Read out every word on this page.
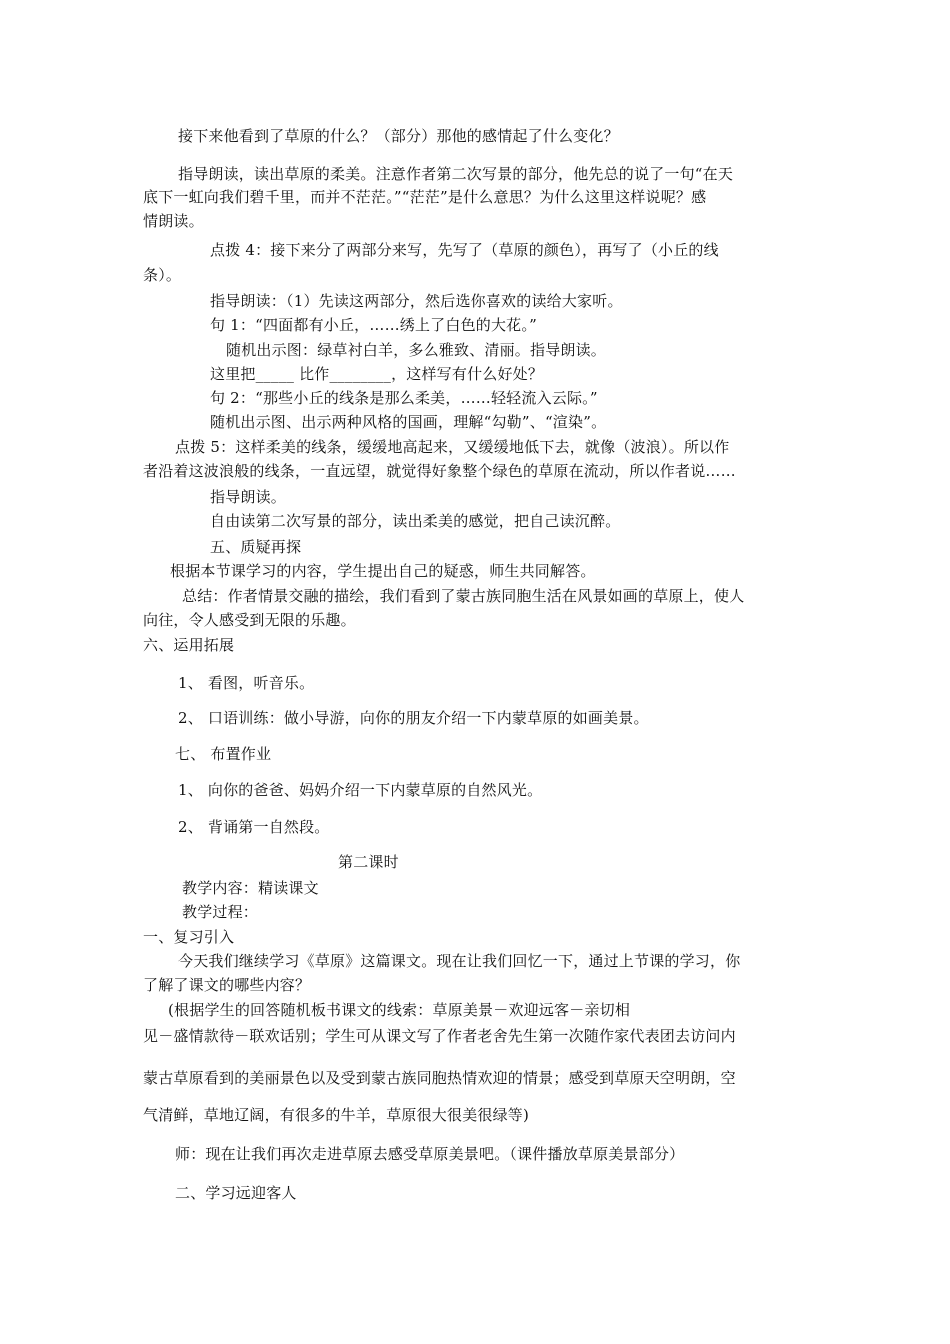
接下来他看到了草原的什么？（部分）那他的感情起了什么变化？
指导朗读，读出草原的柔美。注意作者第二次写景的部分，他先总的说了一句“在天
底下一虹向我们碧千里，而并不茫茫。”“茫茫”是什么意思？为什么这里这样说呢？感
情朗读。
点拨 4：接下来分了两部分来写，先写了（草原的颜色），再写了（小丘的线
条）。
指导朗读：（1）先读这两部分，然后选你喜欢的读给大家听。
句 1：“四面都有小丘，……绣上了白色的大花。”
随机出示图：绿草衬白羊，多么雅致、清丽。指导朗读。
这里把_____ 比作________，这样写有什么好处？
句 2：“那些小丘的线条是那么柔美，……轻轻流入云际。”
随机出示图、出示两种风格的国画，理解“勾勒”、“渲染”。
点拨 5：这样柔美的线条，缓缓地高起来，又缓缓地低下去，就像（波浪）。所以作
者沿着这波浪般的线条，一直远望，就觉得好象整个绿色的草原在流动，所以作者说……
指导朗读。
自由读第二次写景的部分，读出柔美的感觉，把自己读沉醉。
五、质疑再探
根据本节课学习的内容，学生提出自己的疑惑，师生共同解答。
总结：作者情景交融的描绘，我们看到了蒙古族同胞生活在风景如画的草原上，使人
向往，令人感受到无限的乐趣。
六、运用拓展
1、 看图，听音乐。
2、 口语训练：做小导游，向你的朋友介绍一下内蒙草原的如画美景。
七、 布置作业
1、 向你的爸爸、妈妈介绍一下内蒙草原的自然风光。
2、 背诵第一自然段。
第二课时
教学内容：精读课文
教学过程：
一、复习引入
今天我们继续学习《草原》这篇课文。现在让我们回忆一下，通过上节课的学习，你
了解了课文的哪些内容？
(根据学生的回答随机板书课文的线索：草原美景－欢迎远客－亲切相
见－盛情款待－联欢话别；学生可从课文写了作者老舍先生第一次随作家代表团去访问内
蒙古草原看到的美丽景色以及受到蒙古族同胞热情欢迎的情景；感受到草原天空明朗，空
气清鲜，草地辽阔，有很多的牛羊，草原很大很美很绿等)
师：现在让我们再次走进草原去感受草原美景吧。（课件播放草原美景部分）
二、学习远迎客人
